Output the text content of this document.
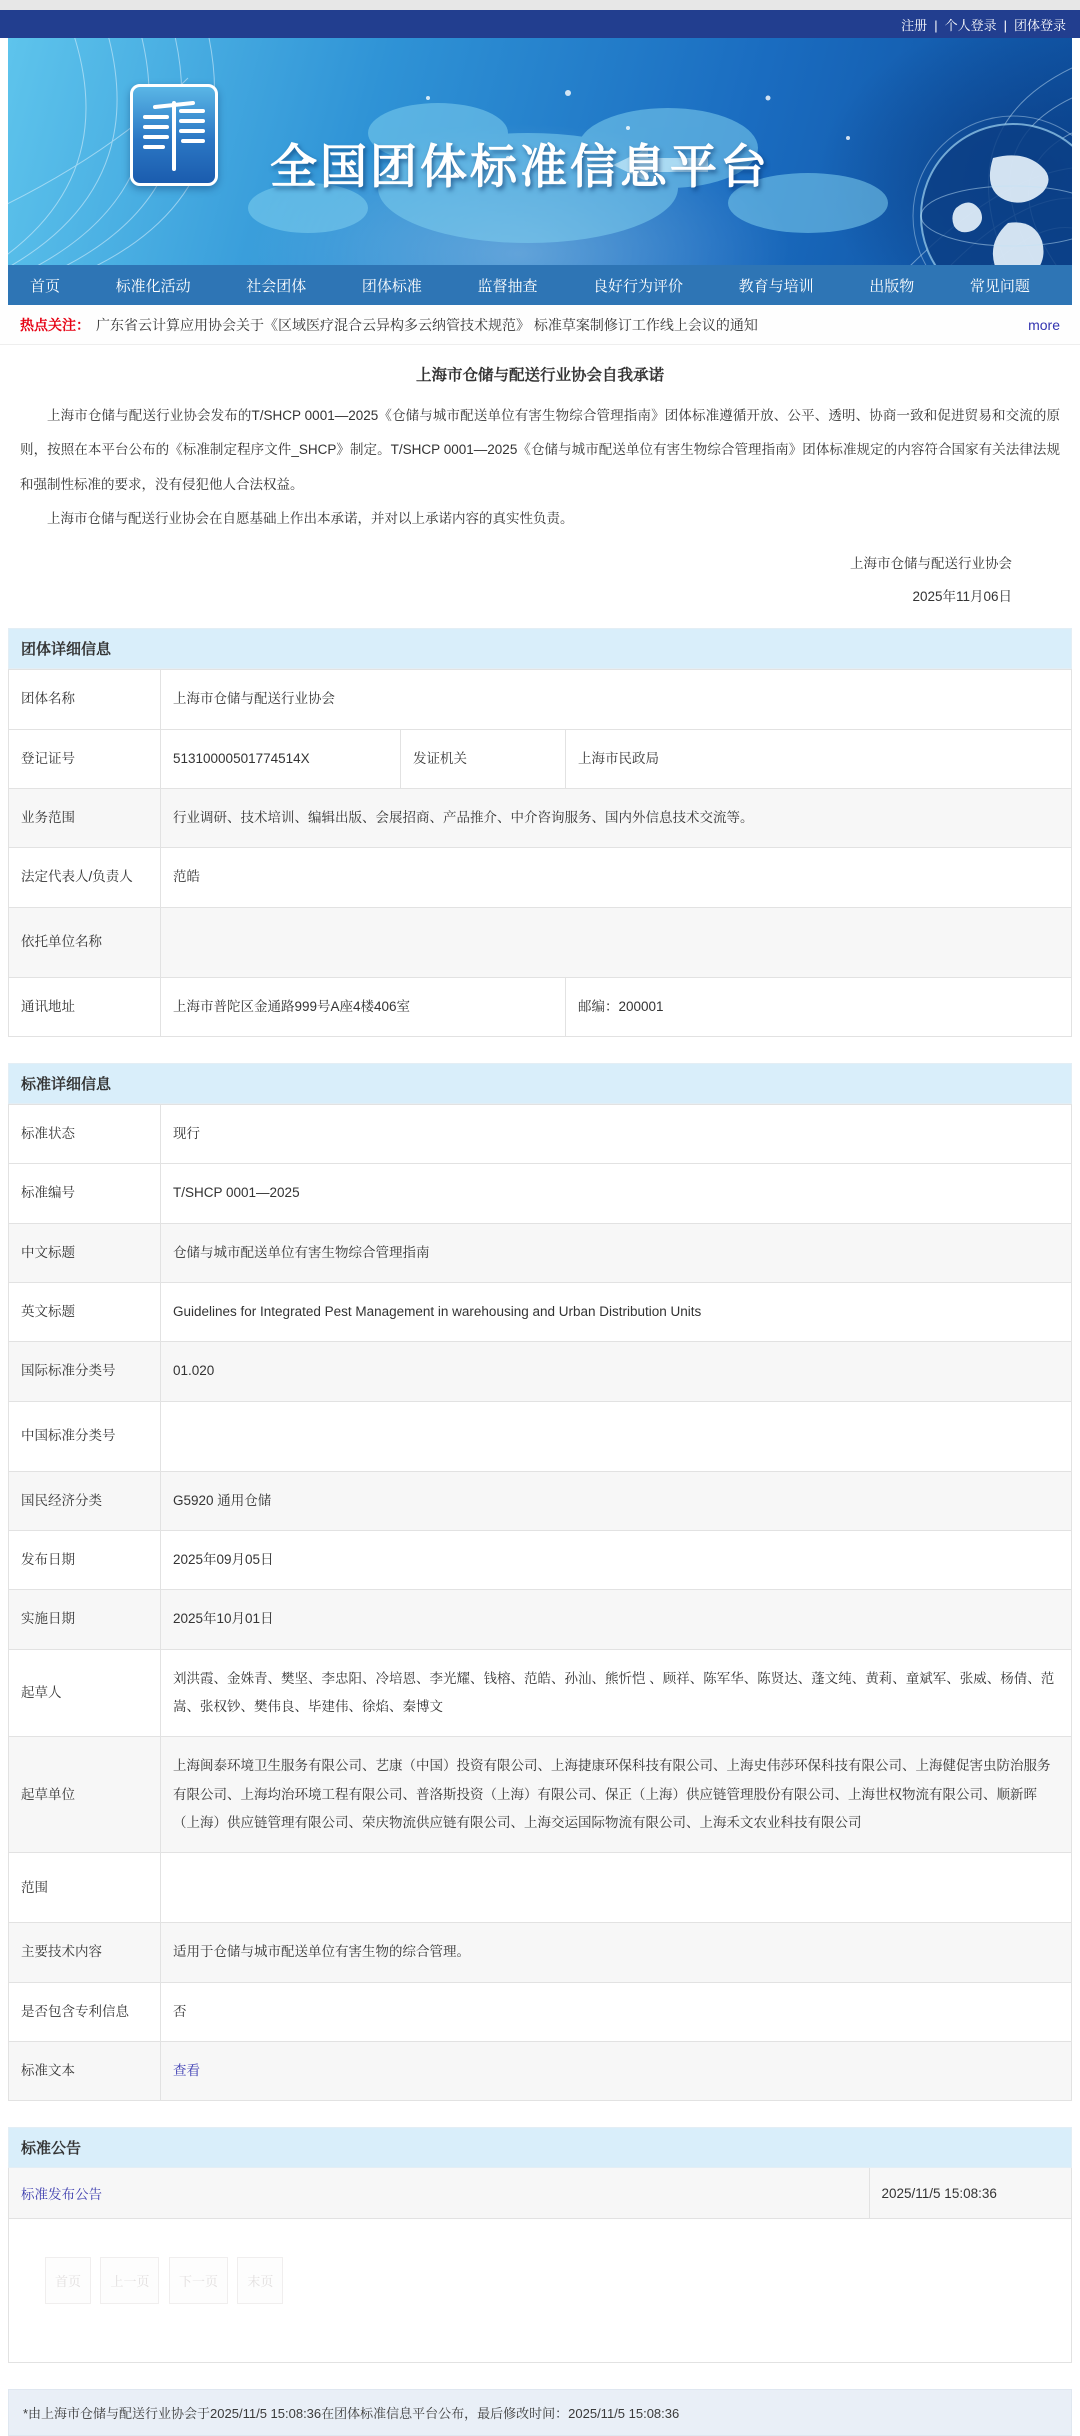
注册	| 个人登录	| 团体登录
全国团体标准信息平台
首页	标准化活动	社会团体	团体标准	监督抽查	良好行为评价	教育与培训	出版物	常见问题
热点关注： 广东省云计算应用协会关于《区域医疗混合云异构多云纳管技术规范》 标准草案制修订工作线上会议的通知	more
上海市仓储与配送行业协会自我承诺

上海市仓储与配送行业协会发布的T/SHCP 0001—2025《仓储与城市配送单位有害生物综合管理指南》团体标准遵循开放、公平、透明、协商一致和促进贸易和交流的原则，按照在本平台公布的《标准制定程序文件_SHCP》制定。T/SHCP 0001—2025《仓储与城市配送单位有害生物综合管理指南》团体标准规定的内容符合国家有关法律法规和强制性标准的要求，没有侵犯他人合法权益。

上海市仓储与配送行业协会在自愿基础上作出本承诺，并对以上承诺内容的真实性负责。

上海市仓储与配送行业协会
2025年11月06日
团体详细信息
团体名称	上海市仓储与配送行业协会		
登记证号	51310000501774514X	发证机关	上海市民政局
业务范围	行业调研、技术培训、编辑出版、会展招商、产品推介、中介咨询服务、国内外信息技术交流等。		
法定代表人/负责人	范皓		
依托单位名称			
通讯地址	上海市普陀区金通路999号A座4楼406室		邮编：200001
标准详细信息
标准状态	现行
标准编号	T/SHCP 0001—2025
中文标题	仓储与城市配送单位有害生物综合管理指南
英文标题	Guidelines for Integrated Pest Management in warehousing and Urban Distribution Units
国际标准分类号	01.020
中国标准分类号	
国民经济分类	G5920 通用仓储
发布日期	2025年09月05日
实施日期	2025年10月01日
起草人	刘洪霞、金姝青、樊坚、李忠阳、冷培恩、李光耀、钱榕、范皓、孙汕、熊忻恺 、顾祥、陈军华、陈贤达、蓬文纯、黄莉、童斌军、张威、杨倩、范嵩、张权钞、樊伟良、毕建伟、徐焰、秦博文
起草单位	上海闽泰环境卫生服务有限公司、艺康（中国）投资有限公司、上海捷康环保科技有限公司、上海史伟莎环保科技有限公司、上海健促害虫防治服务有限公司、上海均治环境工程有限公司、普洛斯投资（上海）有限公司、保正（上海）供应链管理股份有限公司、上海世权物流有限公司、顺新晖（上海）供应链管理有限公司、荣庆物流供应链有限公司、上海交运国际物流有限公司、上海禾文农业科技有限公司
范围	
主要技术内容	适用于仓储与城市配送单位有害生物的综合管理。
是否包含专利信息	否
标准文本	查看
标准公告
标准发布公告	2025/11/5 15:08:36
首页 上一页 下一页 末页
*由上海市仓储与配送行业协会于2025/11/5 15:08:36在团体标准信息平台公布，最后修改时间：2025/11/5 15:08:36
